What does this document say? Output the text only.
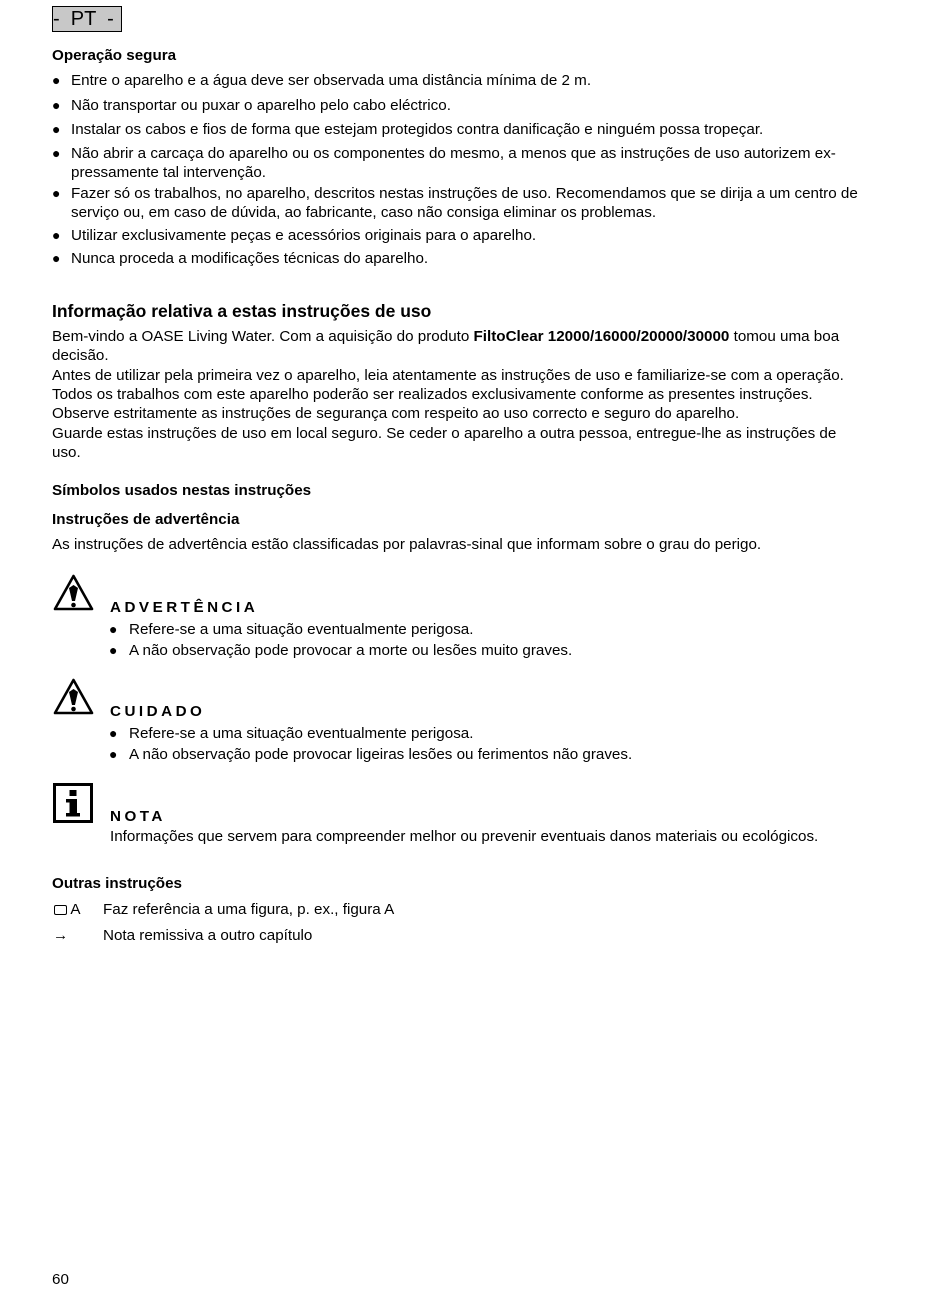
-  PT  -
Operação segura
● Entre o aparelho e a água deve ser observada uma distância mínima de 2 m.
● Não transportar ou puxar o aparelho pelo cabo eléctrico.
● Instalar os cabos e fios de forma que estejam protegidos contra danificação e ninguém possa tropeçar.
● Não abrir a carcaça do aparelho ou os componentes do mesmo, a menos que as instruções de uso autorizem ex-
pressamente tal intervenção.
● Fazer só os trabalhos, no aparelho, descritos nestas instruções de uso. Recomendamos que se dirija a um centro de
serviço ou, em caso de dúvida, ao fabricante, caso não consiga eliminar os problemas.
● Utilizar exclusivamente peças e acessórios originais para o aparelho.
● Nunca proceda a modificações técnicas do aparelho.
Informação relativa a estas instruções de uso
Bem-vindo a OASE Living Water. Com a aquisição do produto FiltoClear 12000/16000/20000/30000 tomou uma boa
decisão.
Antes de utilizar pela primeira vez o aparelho, leia atentamente as instruções de uso e familiarize-se com a operação.
Todos os trabalhos com este aparelho poderão ser realizados exclusivamente conforme as presentes instruções.
Observe estritamente as instruções de segurança com respeito ao uso correcto e seguro do aparelho.
Guarde estas instruções de uso em local seguro. Se ceder o aparelho a outra pessoa, entregue-lhe as instruções de
uso.
Símbolos usados nestas instruções
Instruções de advertência
As instruções de advertência estão classificadas por palavras-sinal que informam sobre o grau do perigo.
ADVERTÊNCIA
● Refere-se a uma situação eventualmente perigosa.
● A não observação pode provocar a morte ou lesões muito graves.
CUIDADO
● Refere-se a uma situação eventualmente perigosa.
● A não observação pode provocar ligeiras lesões ou ferimentos não graves.
NOTA
Informações que servem para compreender melhor ou prevenir eventuais danos materiais ou ecológicos.
Outras instruções
A Faz referência a uma figura, p. ex., figura A
→ Nota remissiva a outro capítulo
60
